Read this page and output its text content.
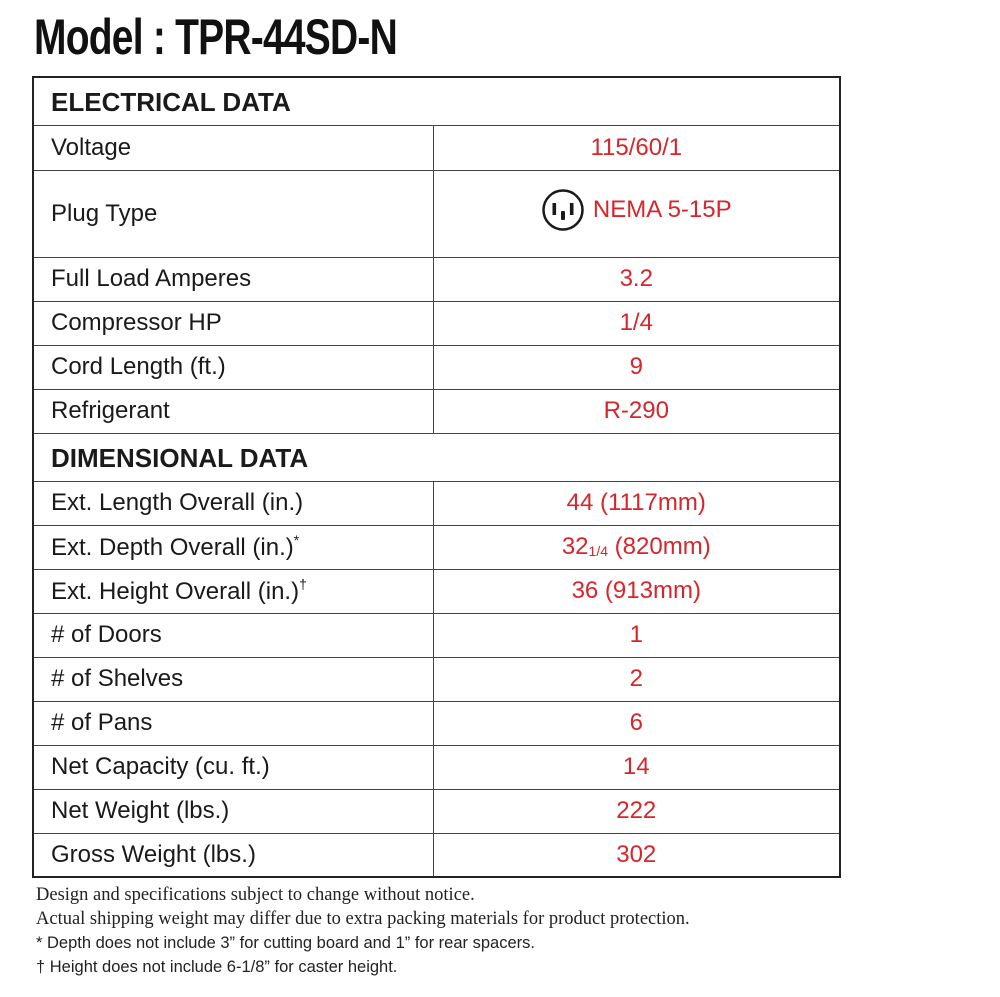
Model : TPR-44SD-N
ELECTRICAL DATA	
Voltage	115/60/1
Plug Type	NEMA 5-15P

Full Load Amperes	3.2
Compressor HP	1/4
Cord Length (ft.)	9
Refrigerant	R-290
DIMENSIONAL DATA	
Ext. Length Overall (in.)	44 (1117mm)
Ext. Depth Overall (in.)*	$32_{1/4}$ (820mm)
Ext. Height Overall (in.)†	36 (913mm)
# of Doors	1
# of Shelves	2
# of Pans	6
Net Capacity (cu. ft.)	14
Net Weight (lbs.)	222
Gross Weight (lbs.)	302
Design and specifications subject to change without notice.
Actual shipping weight may differ due to extra packing materials for product protection.
* Depth does not include 3” for cutting board and 1” for rear spacers.
† Height does not include 6-1/8” for caster height.
